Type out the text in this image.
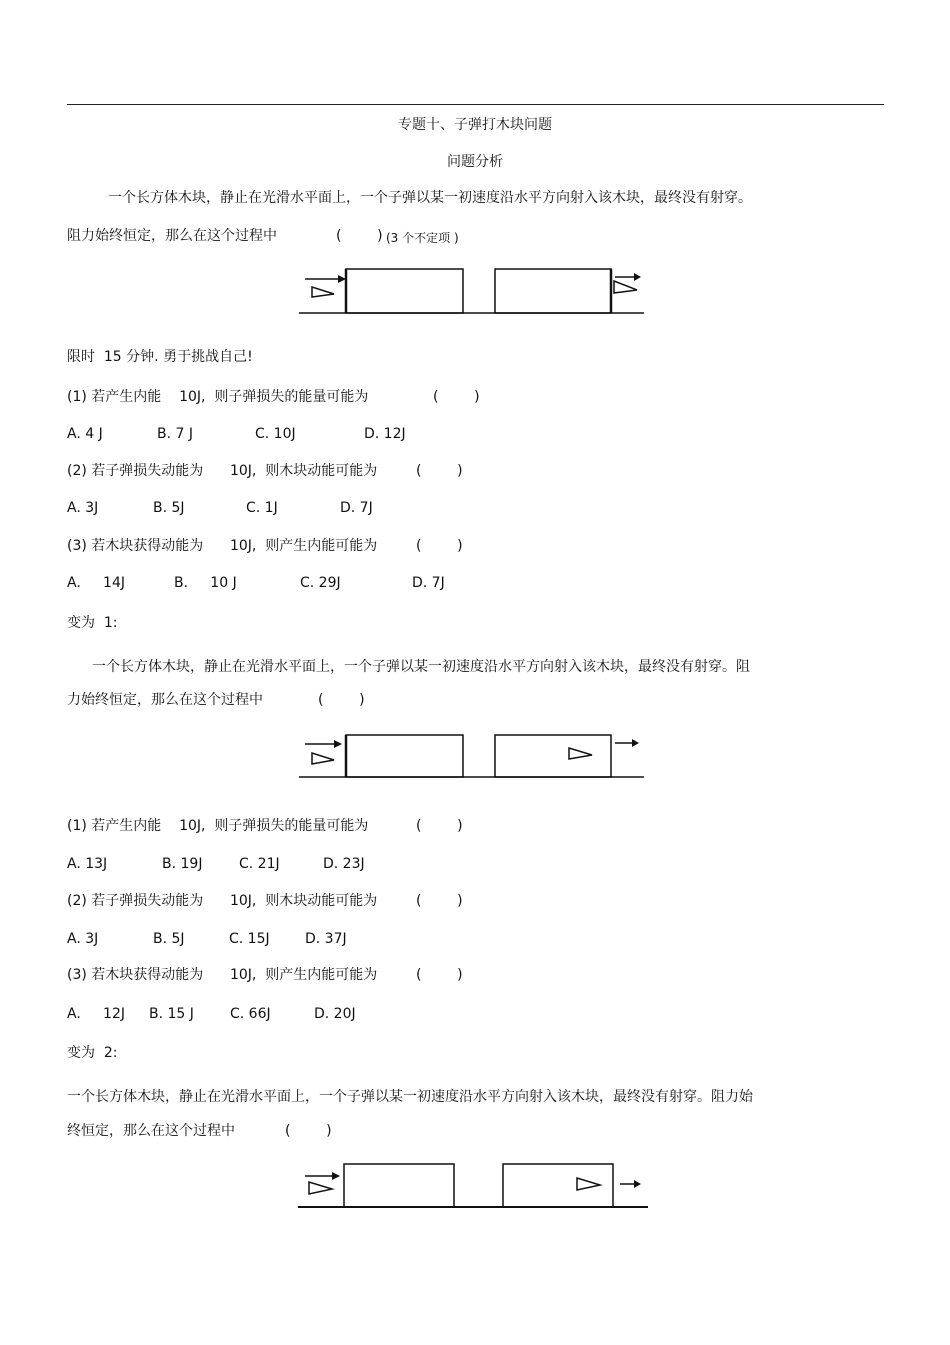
专题十、子弹打木块问题
问题分析
一个长方体木块，静止在光滑水平面上，一个子弹以某一初速度沿水平方向射入该木块，最终没有射穿。
阻力始终恒定，那么在这个过程中	(        ) (3 个不定项 )
限时  15 分钟. 勇于挑战自己!
(1) 若产生内能    10J,  则子弹损失的能量可能为	(        )
A. 4 J	B. 7 J	C. 10J	D. 12J
(2) 若子弹损失动能为      10J,  则木块动能可能为	(        )
A. 3J	B. 5J	C. 1J	D. 7J
(3) 若木块获得动能为      10J,  则产生内能可能为	(        )
A.     14J	B.     10 J	C. 29J	D. 7J
变为  1:
一个长方体木块，静止在光滑水平面上，一个子弹以某一初速度沿水平方向射入该木块，最终没有射穿。阻
力始终恒定，那么在这个过程中	(        )
(1) 若产生内能    10J,  则子弹损失的能量可能为	(        )
A. 13J	B. 19J	C. 21J	D. 23J
(2) 若子弹损失动能为      10J,  则木块动能可能为	(        )
A. 3J	B. 5J	C. 15J	D. 37J
(3) 若木块获得动能为      10J,  则产生内能可能为	(        )
A.     12J B. 15 J	C. 66J	D. 20J
变为  2:
一个长方体木块，静止在光滑水平面上，一个子弹以某一初速度沿水平方向射入该木块，最终没有射穿。阻力始
终恒定，那么在这个过程中	(        )
